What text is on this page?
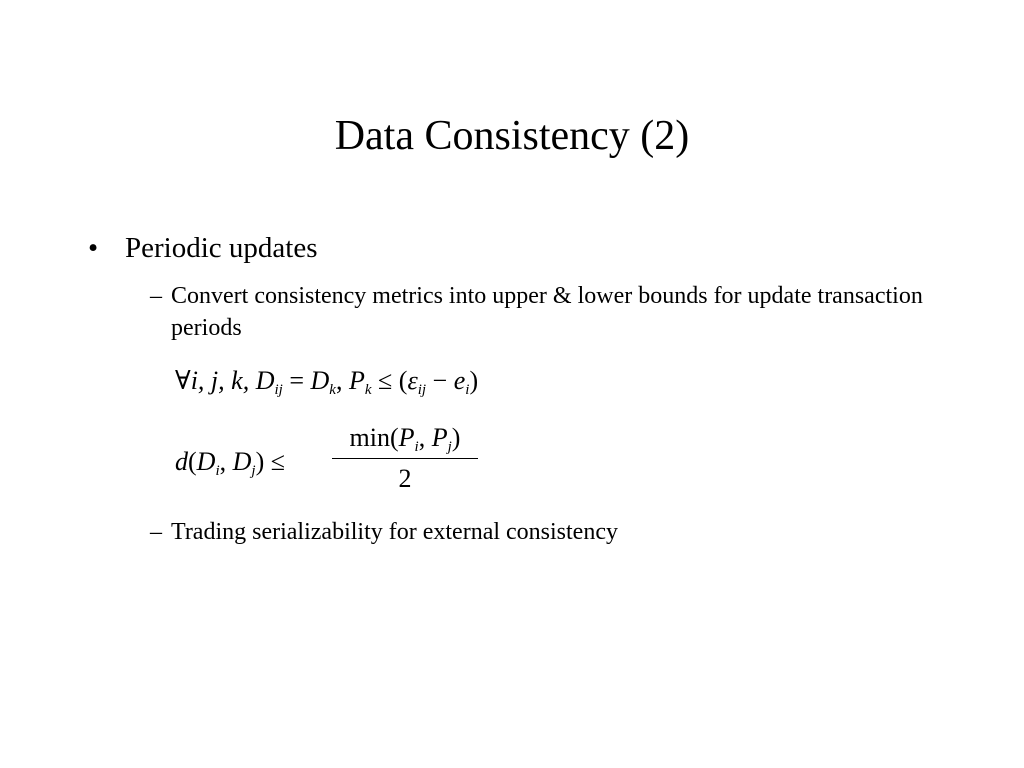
Data Consistency (2)
• Periodic updates
– Convert consistency metrics into upper & lower bounds for update transaction periods
∀i, j, k, $D_{ij} = D_k$, $P_k \le (\varepsilon_{ij} - e_i)$
$d(D_i$, $D_j$) ≤
$\min(P_i$, $P_j$)
2
– Trading serializability for external consistency
